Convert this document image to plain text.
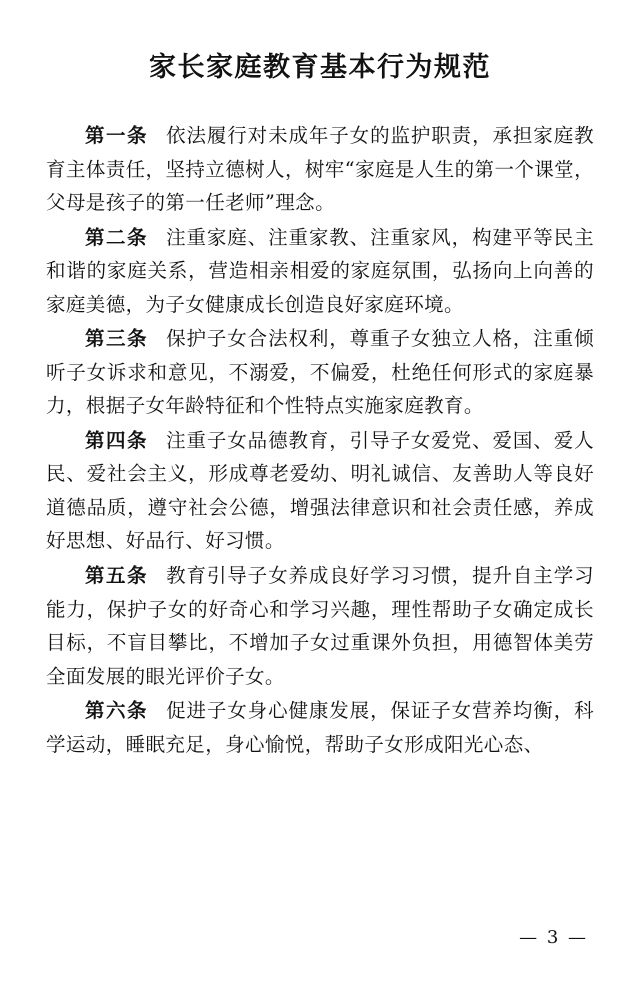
家长家庭教育基本行为规范

第一条 依法履行对未成年子女的监护职责，承担家庭教育主体责任，坚持立德树人，树牢“家庭是人生的第一个课堂，父母是孩子的第一任老师”理念。

第二条 注重家庭、注重家教、注重家风，构建平等民主和谐的家庭关系，营造相亲相爱的家庭氛围，弘扬向上向善的家庭美德，为子女健康成长创造良好家庭环境。

第三条 保护子女合法权利，尊重子女独立人格，注重倾听子女诉求和意见，不溺爱，不偏爱，杜绝任何形式的家庭暴力，根据子女年龄特征和个性特点实施家庭教育。

第四条 注重子女品德教育，引导子女爱党、爱国、爱人民、爱社会主义，形成尊老爱幼、明礼诚信、友善助人等良好道德品质，遵守社会公德，增强法律意识和社会责任感，养成好思想、好品行、好习惯。

第五条 教育引导子女养成良好学习习惯，提升自主学习能力，保护子女的好奇心和学习兴趣，理性帮助子女确定成长目标，不盲目攀比，不增加子女过重课外负担，用德智体美劳全面发展的眼光评价子女。

第六条 促进子女身心健康发展，保证子女营养均衡，科学运动，睡眠充足，身心愉悦，帮助子女形成阳光心态、

— 3 —
